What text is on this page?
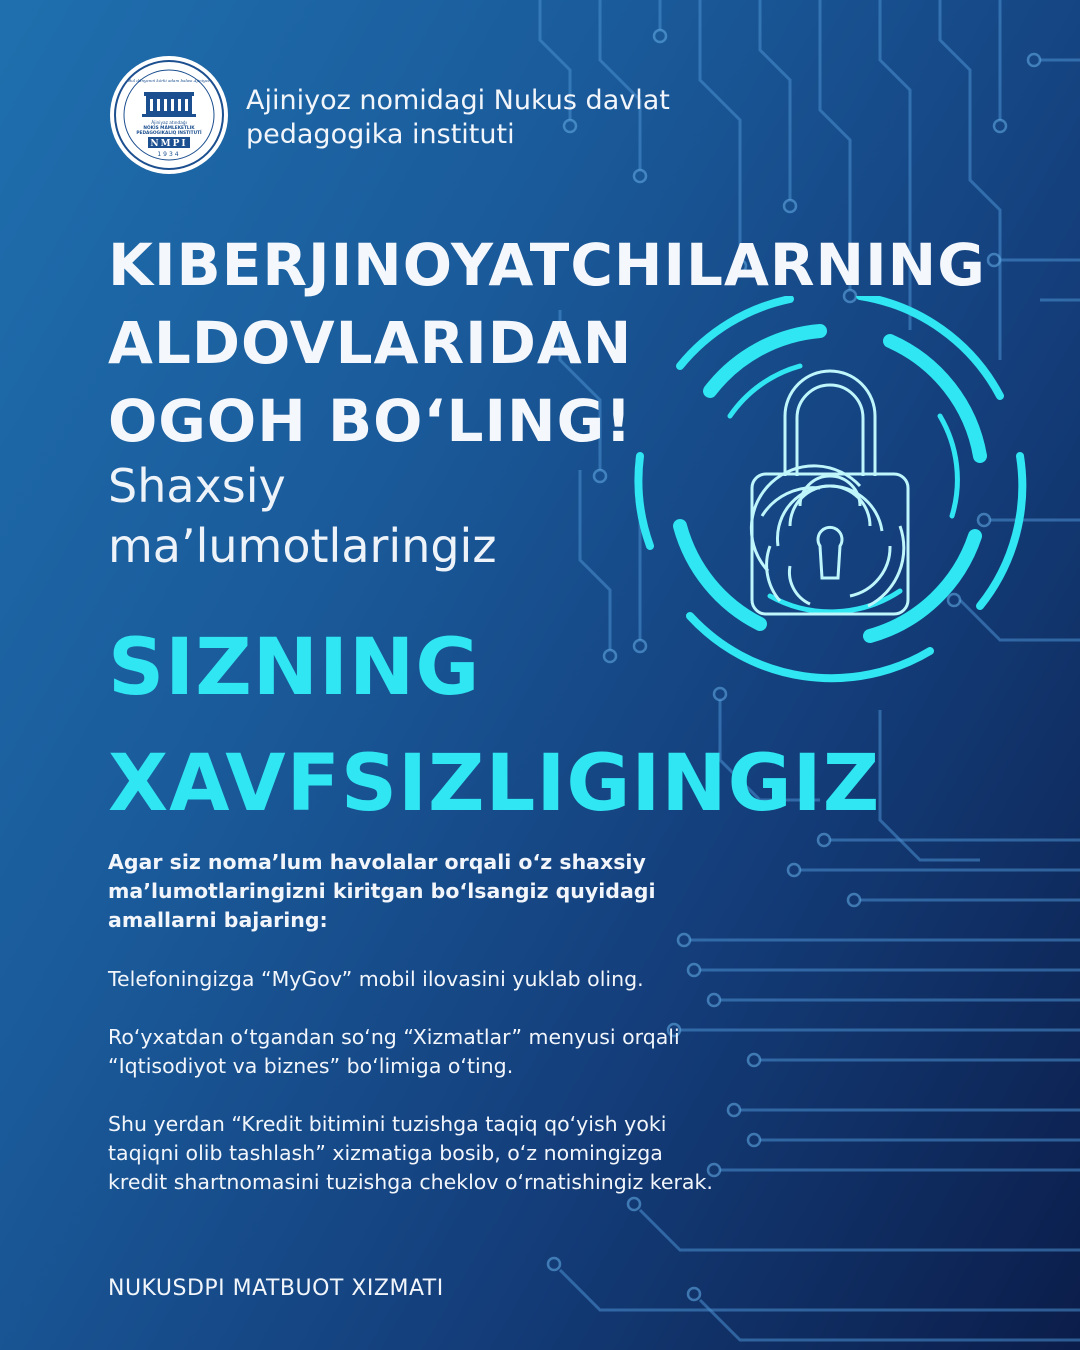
Ájiniyaz atındaģı
NÓKIS MÁMLEKETLIK
PEDAGOGIKALIQ INSTITUTÍ
NMPI
1934
Bul dünyanıń körki adam balası Ájiniyaz
Ajiniyoz nomidagi Nukus davlat
pedagogika instituti
KIBERJINOYATCHILARNING
ALDOVLARIDAN
OGOH BO‘LING!
Shaxsiy
ma’lumotlaringiz
SIZNING
XAVFSIZLIGINGIZ
Agar siz noma’lum havolalar orqali o‘z shaxsiy ma’lumotlaringizni kiritgan bo‘lsangiz quyidagi amallarni bajaring:
Telefoningizga “MyGov” mobil ilovasini yuklab oling.
Ro‘yxatdan o‘tgandan so‘ng “Xizmatlar” menyusi orqali “Iqtisodiyot va biznes” bo‘limiga o‘ting.
Shu yerdan “Kredit bitimini tuzishga taqiq qo‘yish yoki taqiqni olib tashlash” xizmatiga bosib, o‘z nomingizga kredit shartnomasini tuzishga cheklov o‘rnatishingiz kerak.
NUKUSDPI MATBUOT XIZMATI
